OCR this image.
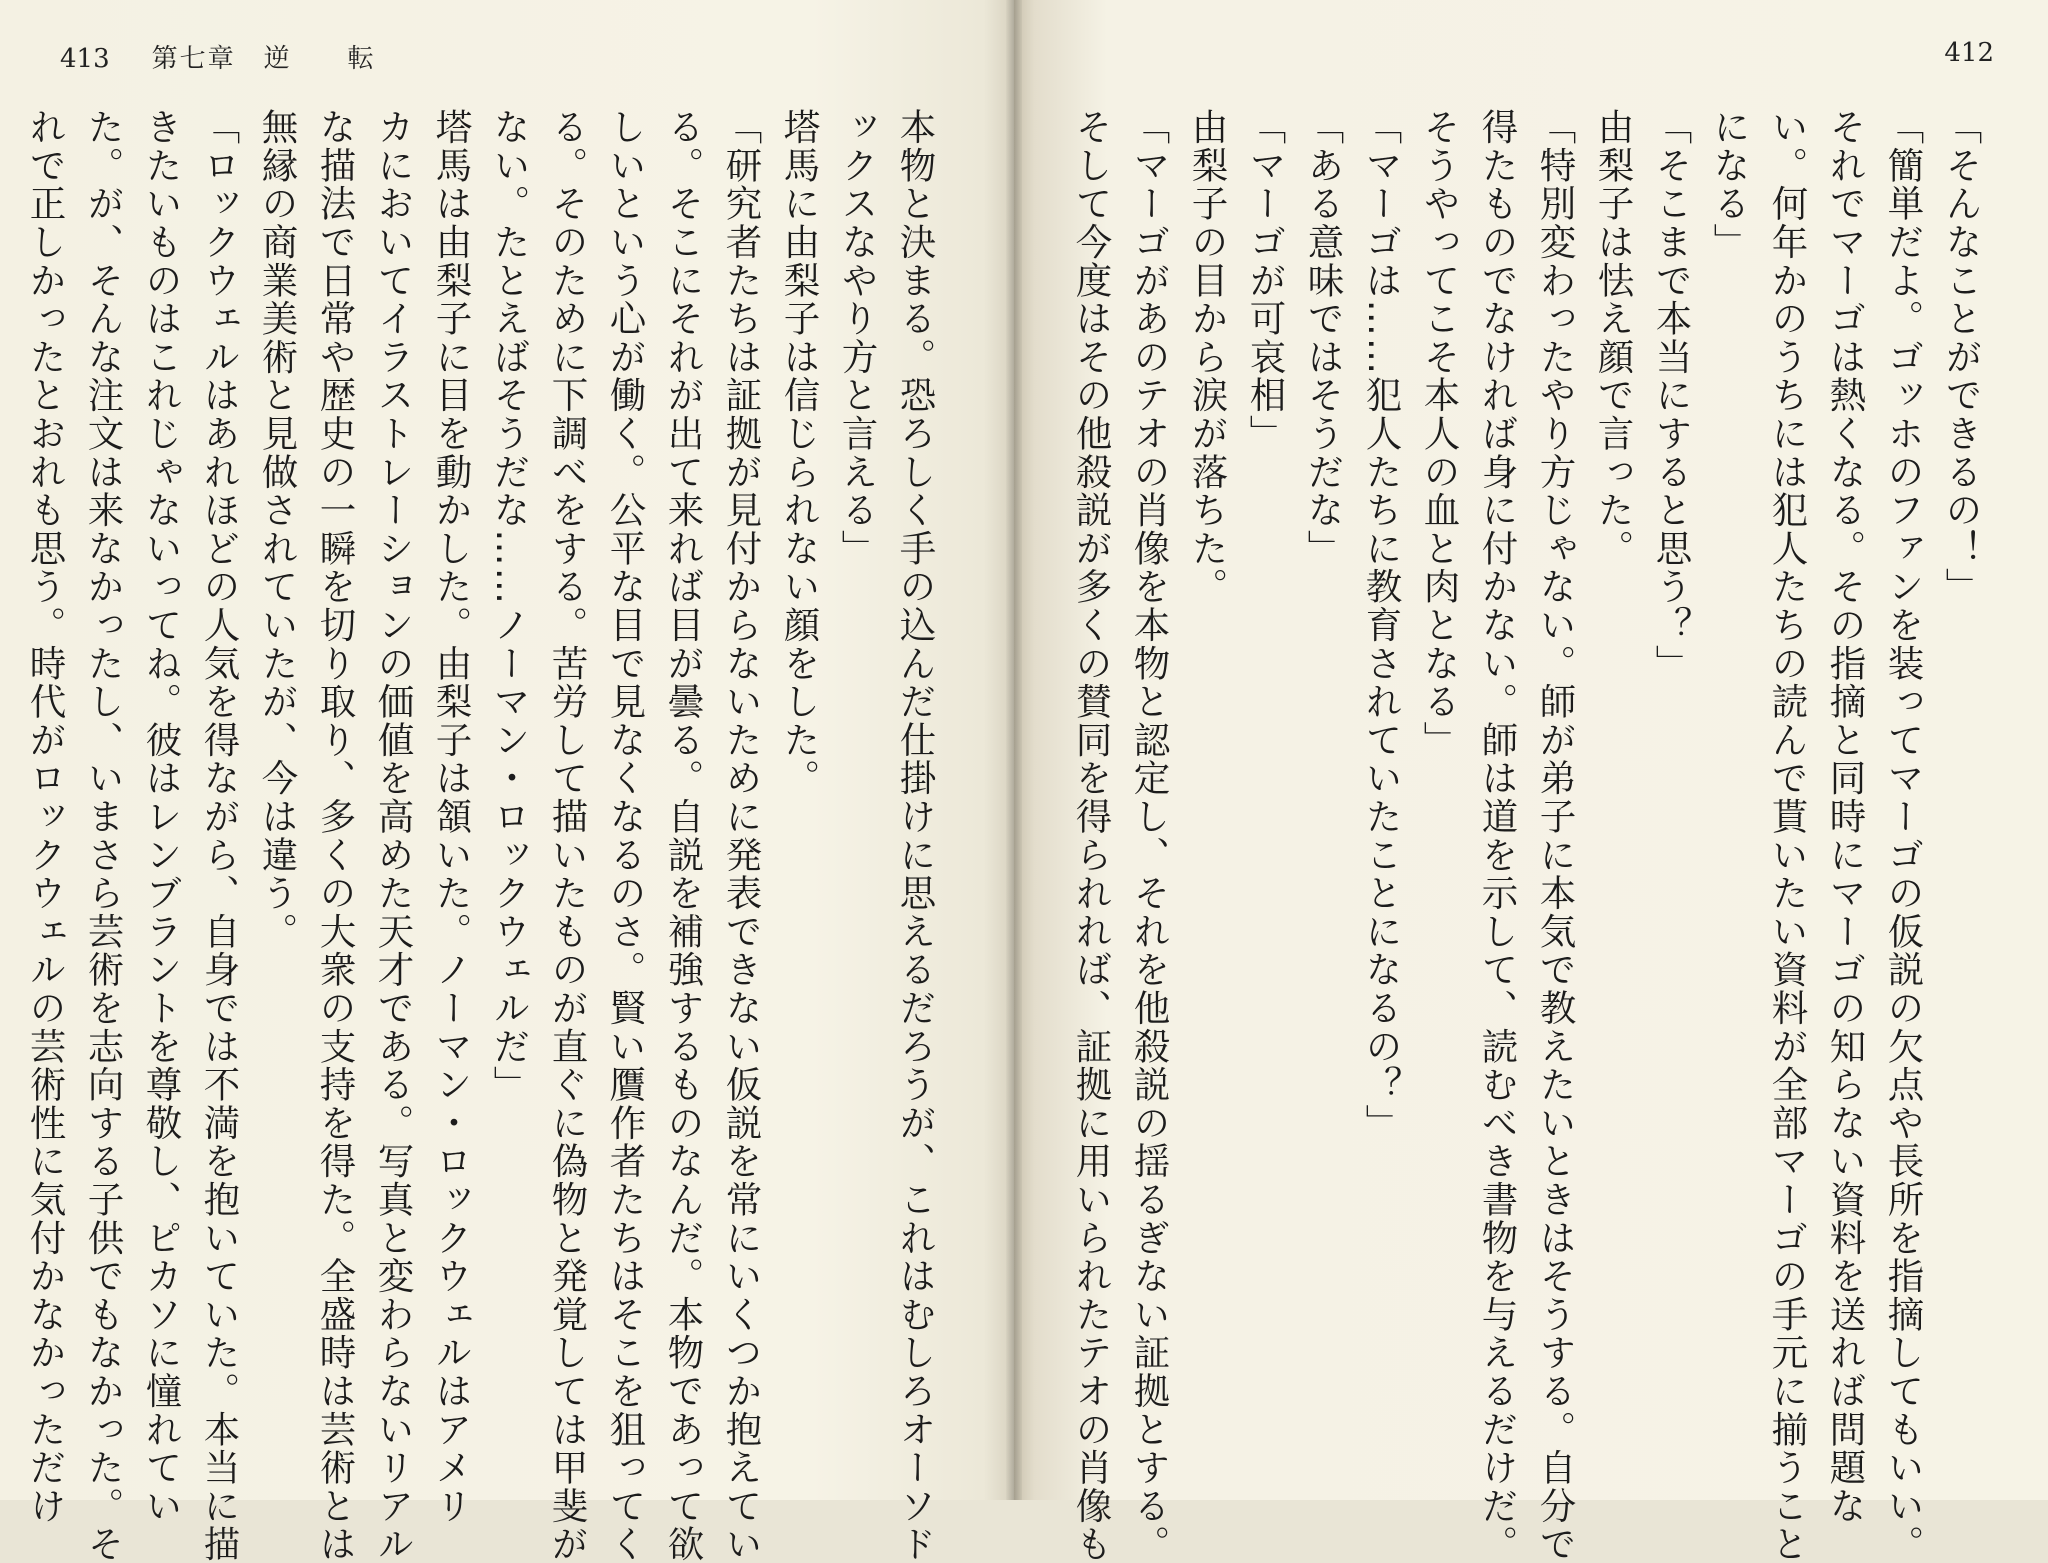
413 第七章　逆　　転
本物と決まる。恐ろしく手の込んだ仕掛けに思えるだろうが、これはむしろオーソド
ックスなやり方と言える」
塔馬に由梨子は信じられない顔をした。
「研究者たちは証拠が見付からないために発表できない仮説を常にいくつか抱えてい
る。そこにそれが出て来れば目が曇る。自説を補強するものなんだ。本物であって欲
しいという心が働く。公平な目で見なくなるのさ。賢い贋作者たちはそこを狙ってく
る。そのために下調べをする。苦労して描いたものが直ぐに偽物と発覚しては甲斐が
ない。たとえばそうだな……ノーマン・ロックウェルだ」
塔馬は由梨子に目を動かした。由梨子は頷いた。ノーマン・ロックウェルはアメリ
カにおいてイラストレーションの価値を高めた天才である。写真と変わらないリアル
な描法で日常や歴史の一瞬を切り取り、多くの大衆の支持を得た。全盛時は芸術とは
無縁の商業美術と見做されていたが、今は違う。
「ロックウェルはあれほどの人気を得ながら、自身では不満を抱いていた。本当に描
きたいものはこれじゃないってね。彼はレンブラントを尊敬し、ピカソに憧れてい
た。が、そんな注文は来なかったし、いまさら芸術を志向する子供でもなかった。そ
れで正しかったとおれも思う。時代がロックウェルの芸術性に気付かなかっただけ
412
「そんなことができるの！」
「簡単だよ。ゴッホのファンを装ってマーゴの仮説の欠点や長所を指摘してもいい。
それでマーゴは熱くなる。その指摘と同時にマーゴの知らない資料を送れば問題な
い。何年かのうちには犯人たちの読んで貰いたい資料が全部マーゴの手元に揃うこと
になる」
「そこまで本当にすると思う？」
由梨子は怯え顔で言った。
「特別変わったやり方じゃない。師が弟子に本気で教えたいときはそうする。自分で
得たものでなければ身に付かない。師は道を示して、読むべき書物を与えるだけだ。
そうやってこそ本人の血と肉となる」
「マーゴは……犯人たちに教育されていたことになるの？」
「ある意味ではそうだな」
「マーゴが可哀相」
由梨子の目から涙が落ちた。
「マーゴがあのテオの肖像を本物と認定し、それを他殺説の揺るぎない証拠とする。
そして今度はその他殺説が多くの賛同を得られれば、証拠に用いられたテオの肖像も
